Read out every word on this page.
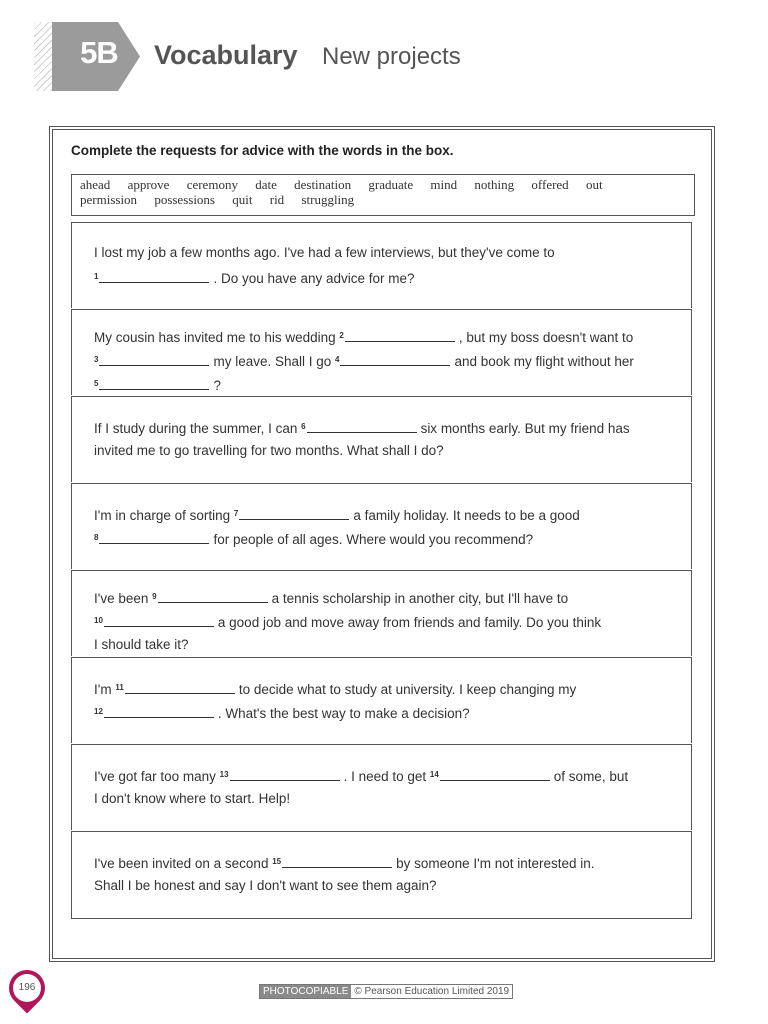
5B Vocabulary New projects
Complete the requests for advice with the words in the box.
ahead approve ceremony date destination graduate mind nothing offered out
permission possessions quit rid struggling
I lost my job a few months ago. I've had a few interviews, but they've come to
$^1$	. Do you have any advice for me?
My cousin has invited me to his wedding $^2$	, but my boss doesn't want to
$^3$	my leave. Shall I go $^4$	and book my flight without her
$^5$	?
If I study during the summer, I can $^6$	six months early. But my friend has
invited me to go travelling for two months. What shall I do?
I'm in charge of sorting $^7$	a family holiday. It needs to be a good
$^8$	for people of all ages. Where would you recommend?
I've been $^9$	a tennis scholarship in another city, but I'll have to
$^{10}$	a good job and move away from friends and family. Do you think
I should take it?
I'm $^{11}$	to decide what to study at university. I keep changing my
$^{12}$	. What's the best way to make a decision?
I've got far too many $^{13}$	. I need to get $^{14}$	of some, but
I don't know where to start. Help!
I've been invited on a second $^{15}$	by someone I'm not interested in.
Shall I be honest and say I don't want to see them again?
196	PHOTOCOPIABLE © Pearson Education Limited 2019
